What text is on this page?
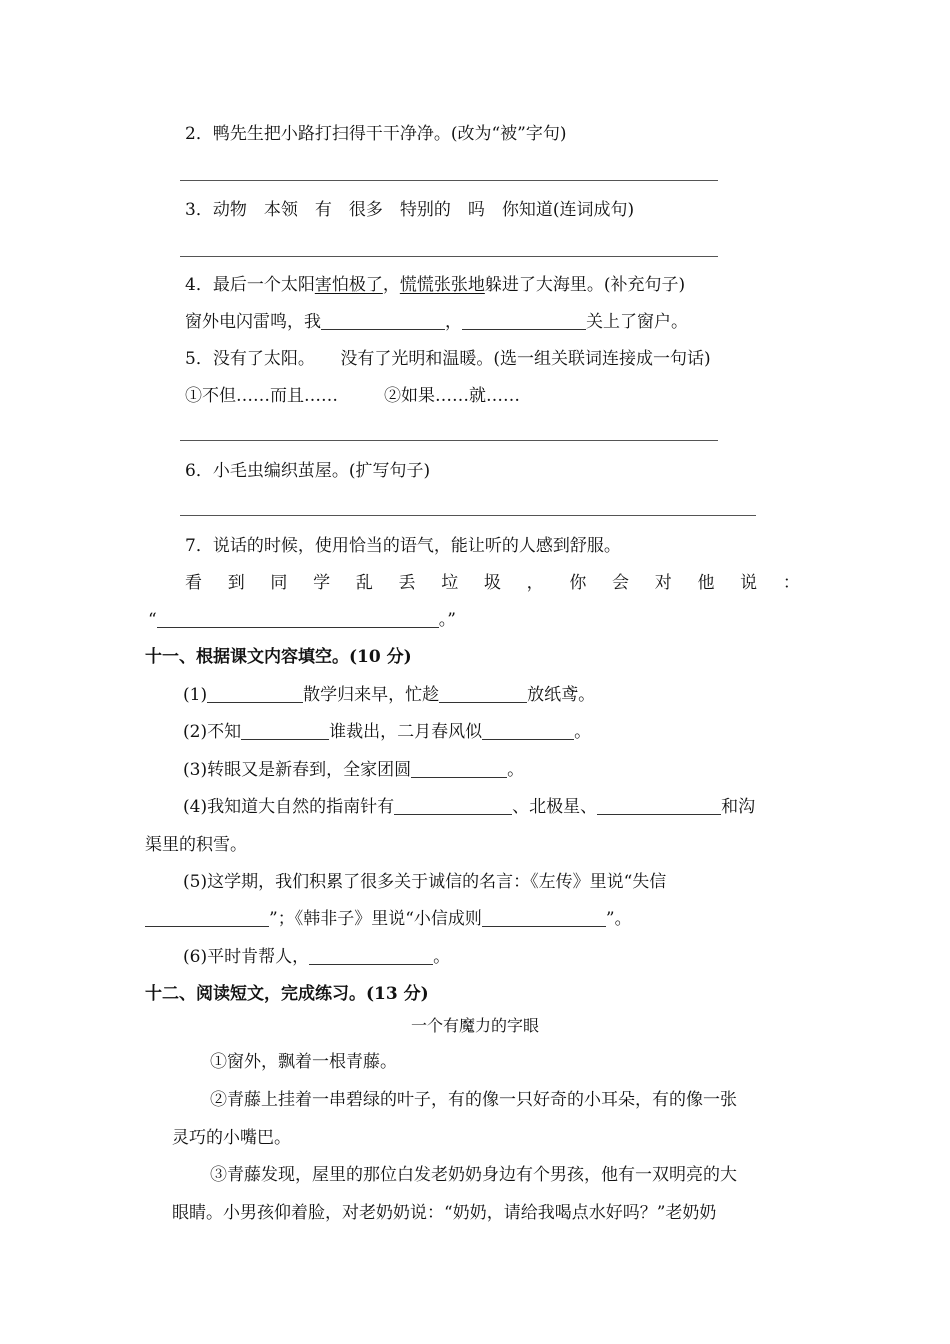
2．鸭先生把小路打扫得干干净净。(改为“被”字句)
3．动物　本领　有　很多　特别的　吗　你知道(连词成句)
4．最后一个太阳害怕极了，慌慌张张地躲进了大海里。(补充句子)
窗外电闪雷鸣，我	，	关上了窗户。
5．没有了太阳。　　没有了光明和温暖。(选一组关联词连接成一句话)
①不但……而且……	②如果……就……
6．小毛虫编织茧屋。(扩写句子)
7．说话的时候，使用恰当的语气，能让听的人感到舒服。
看 到 同 学 乱 丢 垃 圾 ， 你 会 对 他 说 ：
“	。”
十一、根据课文内容填空。(10 分)
(1)	散学归来早，忙趁	放纸鸢。
(2)不知	谁裁出，二月春风似	。
(3)转眼又是新春到，全家团圆	。
(4)我知道大自然的指南针有	、北极星、	和沟
渠里的积雪。
(5)这学期，我们积累了很多关于诚信的名言：《左传》里说“失信
”；《韩非子》里说“小信成则	”。
(6)平时肯帮人，	。
十二、阅读短文，完成练习。(13 分)
一个有魔力的字眼
①窗外，飘着一根青藤。
②青藤上挂着一串碧绿的叶子，有的像一只好奇的小耳朵，有的像一张
灵巧的小嘴巴。
③青藤发现，屋里的那位白发老奶奶身边有个男孩，他有一双明亮的大
眼睛。小男孩仰着脸，对老奶奶说：“奶奶，请给我喝点水好吗？”老奶奶
